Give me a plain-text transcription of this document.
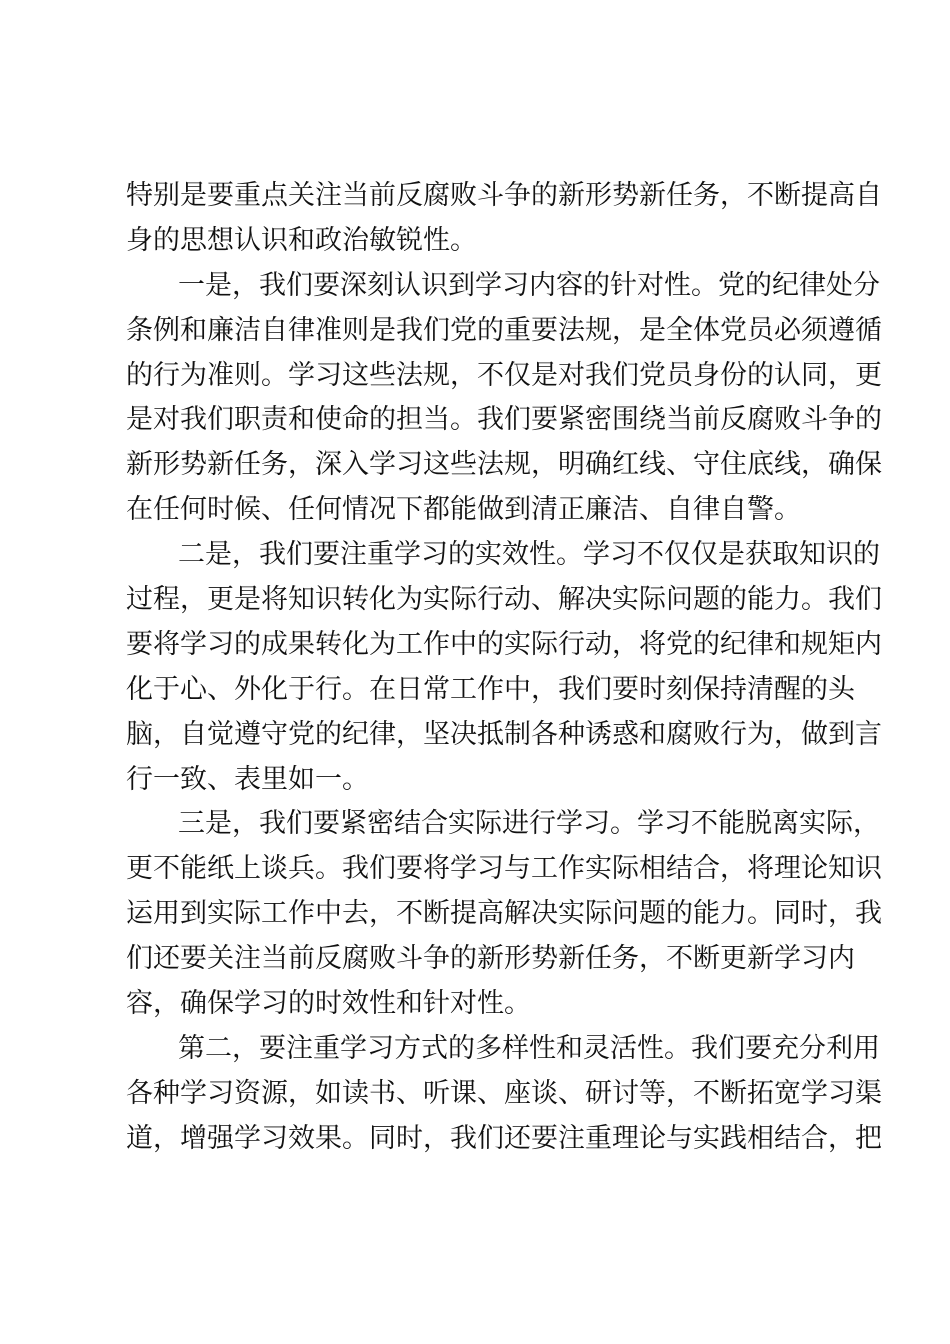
特别是要重点关注当前反腐败斗争的新形势新任务，不断提高自
身的思想认识和政治敏锐性。
一是，我们要深刻认识到学习内容的针对性。党的纪律处分
条例和廉洁自律准则是我们党的重要法规，是全体党员必须遵循
的行为准则。学习这些法规，不仅是对我们党员身份的认同，更
是对我们职责和使命的担当。我们要紧密围绕当前反腐败斗争的
新形势新任务，深入学习这些法规，明确红线、守住底线，确保
在任何时候、任何情况下都能做到清正廉洁、自律自警。
二是，我们要注重学习的实效性。学习不仅仅是获取知识的
过程，更是将知识转化为实际行动、解决实际问题的能力。我们
要将学习的成果转化为工作中的实际行动，将党的纪律和规矩内
化于心、外化于行。在日常工作中，我们要时刻保持清醒的头
脑，自觉遵守党的纪律，坚决抵制各种诱惑和腐败行为，做到言
行一致、表里如一。
三是，我们要紧密结合实际进行学习。学习不能脱离实际，
更不能纸上谈兵。我们要将学习与工作实际相结合，将理论知识
运用到实际工作中去，不断提高解决实际问题的能力。同时，我
们还要关注当前反腐败斗争的新形势新任务，不断更新学习内
容，确保学习的时效性和针对性。
第二，要注重学习方式的多样性和灵活性。我们要充分利用
各种学习资源，如读书、听课、座谈、研讨等，不断拓宽学习渠
道，增强学习效果。同时，我们还要注重理论与实践相结合，把
